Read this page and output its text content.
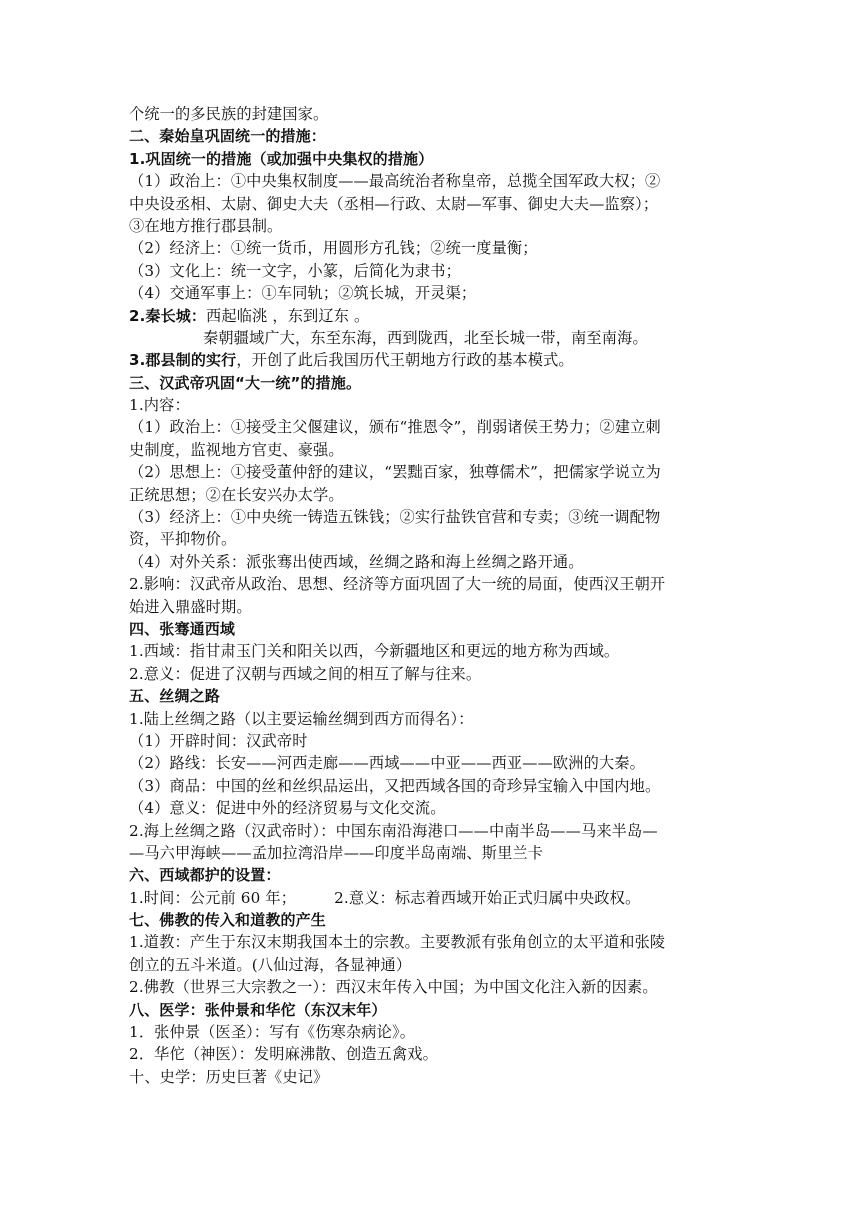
个统一的多民族的封建国家。
二、秦始皇巩固统一的措施：
1.巩固统一的措施（或加强中央集权的措施）
（1）政治上：①中央集权制度——最高统治者称皇帝，总揽全国军政大权；②
中央设丞相、太尉、御史大夫（丞相—行政、太尉—军事、御史大夫—监察）；
③在地方推行郡县制。
（2）经济上：①统一货币，用圆形方孔钱；②统一度量衡；
（3）文化上：统一文字，小篆，后简化为隶书；
（4）交通军事上：①车同轨；②筑长城，开灵渠；
2.秦长城：西起临洮 ，东到辽东 。
秦朝疆域广大，东至东海，西到陇西，北至长城一带，南至南海。
3.郡县制的实行，开创了此后我国历代王朝地方行政的基本模式。
三、汉武帝巩固“大一统”的措施。
1.内容：
（1）政治上：①接受主父偃建议，颁布“推恩令”，削弱诸侯王势力；②建立刺
史制度，监视地方官吏、豪强。
（2）思想上：①接受董仲舒的建议，“罢黜百家，独尊儒术”，把儒家学说立为
正统思想；②在长安兴办太学。
（3）经济上：①中央统一铸造五铢钱；②实行盐铁官营和专卖；③统一调配物
资，平抑物价。
（4）对外关系：派张骞出使西域，丝绸之路和海上丝绸之路开通。
2.影响：汉武帝从政治、思想、经济等方面巩固了大一统的局面，使西汉王朝开
始进入鼎盛时期。
四、张骞通西域
1.西域：指甘肃玉门关和阳关以西，今新疆地区和更远的地方称为西域。
2.意义：促进了汉朝与西域之间的相互了解与往来。
五、丝绸之路
1.陆上丝绸之路（以主要运输丝绸到西方而得名）：
（1）开辟时间：汉武帝时
（2）路线：长安——河西走廊——西域——中亚——西亚——欧洲的大秦。
（3）商品：中国的丝和丝织品运出，又把西域各国的奇珍异宝输入中国内地。
（4）意义：促进中外的经济贸易与文化交流。
2.海上丝绸之路（汉武帝时）：中国东南沿海港口——中南半岛——马来半岛—
—马六甲海峡——孟加拉湾沿岸——印度半岛南端、斯里兰卡
六、西域都护的设置：
1.时间：公元前 60 年；	2.意义：标志着西域开始正式归属中央政权。
七、佛教的传入和道教的产生
1.道教：产生于东汉末期我国本土的宗教。主要教派有张角创立的太平道和张陵
创立的五斗米道。(八仙过海，各显神通）
2.佛教（世界三大宗教之一）：西汉末年传入中国；为中国文化注入新的因素。
八、医学：张仲景和华佗（东汉末年）
1．张仲景（医圣）：写有《伤寒杂病论》。
2．华佗（神医）：发明麻沸散、创造五禽戏。
十、史学：历史巨著《史记》
